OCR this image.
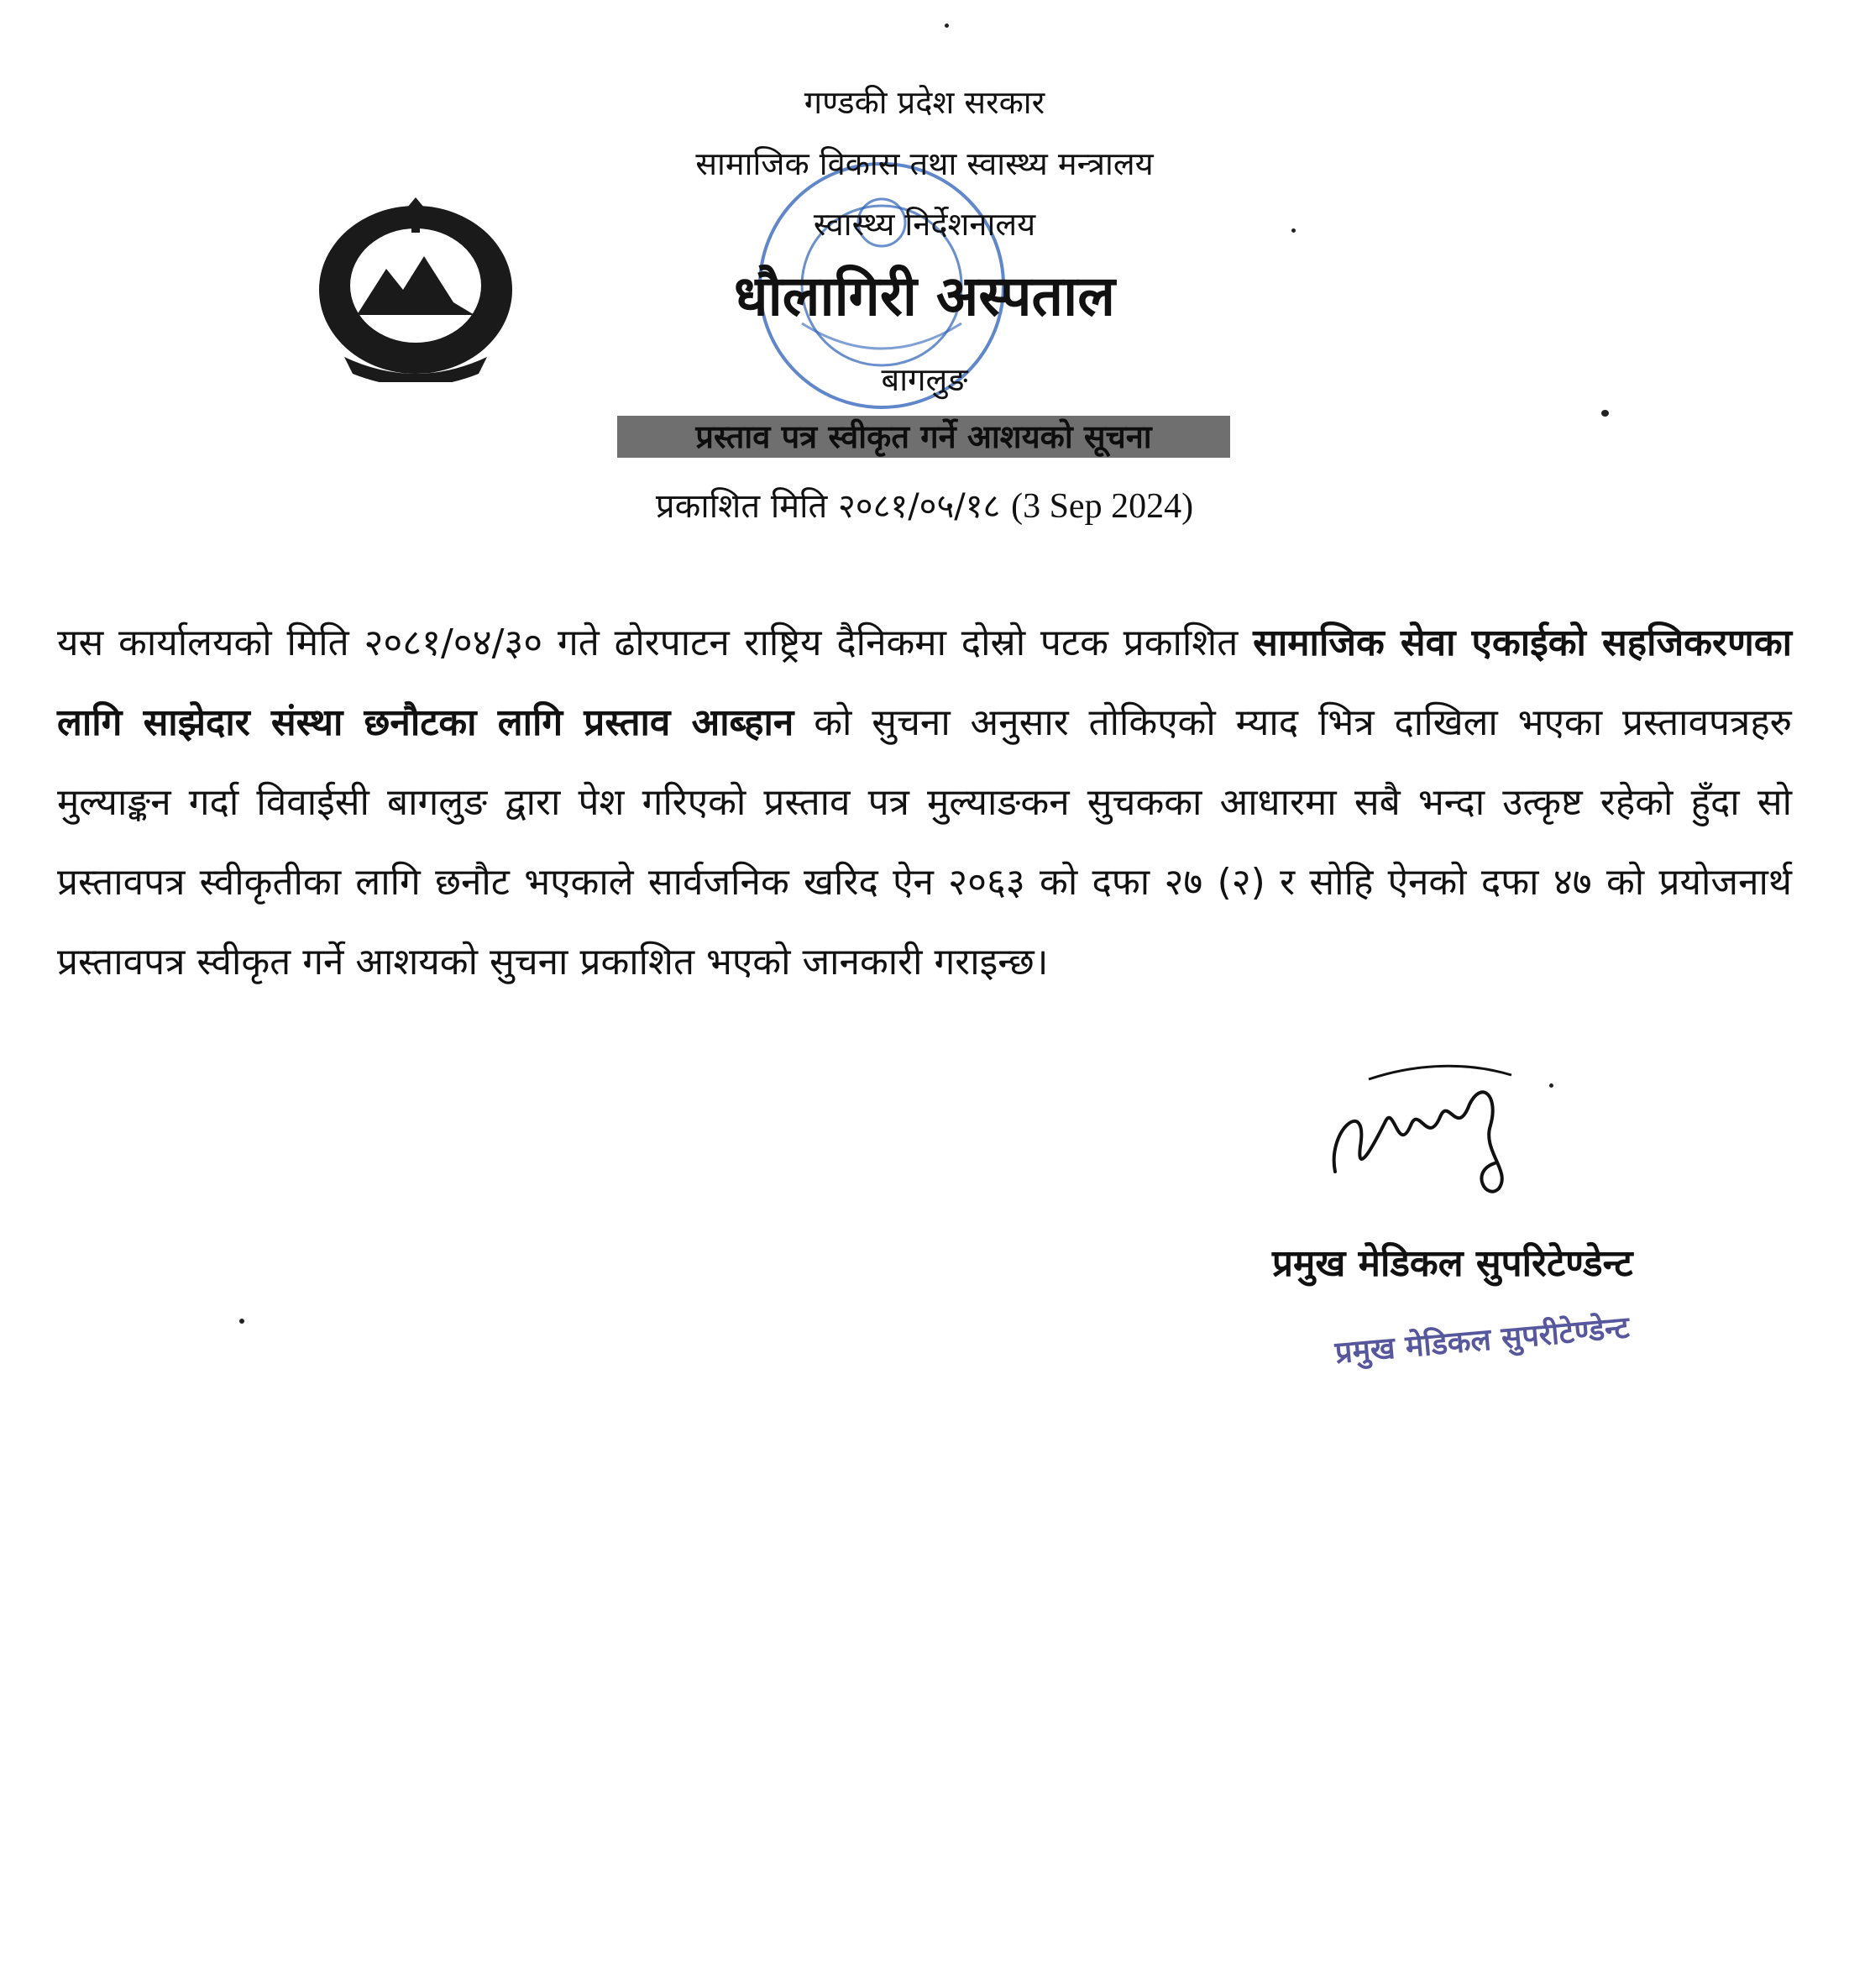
गण्डकी प्रदेश सरकार
सामाजिक विकास तथा स्वास्थ्य मन्त्रालय
स्वास्थ्य निर्देशनालय
धौलागिरी अस्पताल
बागलुङ
प्रस्ताव पत्र स्वीकृत गर्ने आशयको सूचना
प्रकाशित मिति २०८१/०५/१८ (3 Sep 2024)
यस कार्यालयको मिति २०८१/०४/३० गते ढोरपाटन राष्ट्रिय दैनिकमा दोस्रो पटक प्रकाशित सामाजिक सेवा एकाईको सहजिकरणका लागि साझेदार संस्था छनौटका लागि प्रस्ताव आब्हान को सुचना अनुसार तोकिएको म्याद भित्र दाखिला भएका प्रस्तावपत्रहरु मुल्याङ्कन गर्दा विवाईसी बागलुङ द्वारा पेश गरिएको प्रस्ताव पत्र मुल्याङकन सुचकका आधारमा सबै भन्दा उत्कृष्ट रहेको हुँदा सो प्रस्तावपत्र स्वीकृतीका लागि छनौट भएकाले सार्वजनिक खरिद ऐन २०६३ को दफा २७ (२) र सोहि ऐनको दफा ४७ को प्रयोजनार्थ प्रस्तावपत्र स्वीकृत गर्ने आशयको सुचना प्रकाशित भएको जानकारी गराइन्छ।
प्रमुख मेडिकल सुपरिटेण्डेन्ट
प्रमुख मेडिकल सुपरीटेण्डेन्ट
